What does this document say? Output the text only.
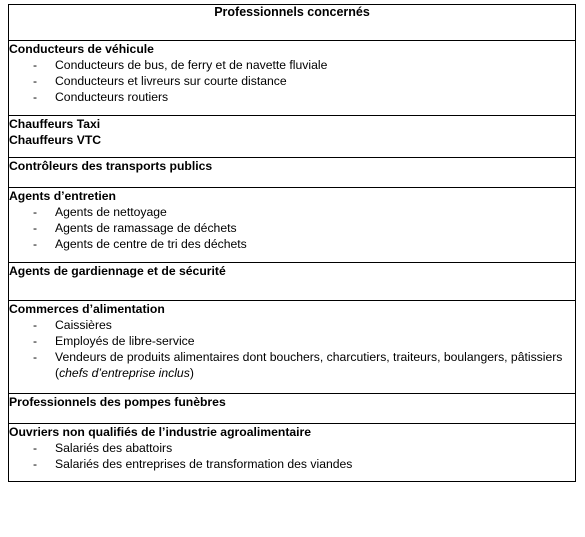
Professionnels concernés

Conducteurs de véhicule
- Conducteurs de bus, de ferry et de navette fluviale
- Conducteurs et livreurs sur courte distance
- Conducteurs routiers

Chauffeurs Taxi
Chauffeurs VTC

Contrôleurs des transports publics

Agents d’entretien
- Agents de nettoyage
- Agents de ramassage de déchets
- Agents de centre de tri des déchets

Agents de gardiennage et de sécurité

Commerces d’alimentation
- Caissières
- Employés de libre-service
- Vendeurs de produits alimentaires dont bouchers, charcutiers, traiteurs, boulangers, pâtissiers (chefs d’entreprise inclus)

Professionnels des pompes funèbres

Ouvriers non qualifiés de l’industrie agroalimentaire
- Salariés des abattoirs
- Salariés des entreprises de transformation des viandes
